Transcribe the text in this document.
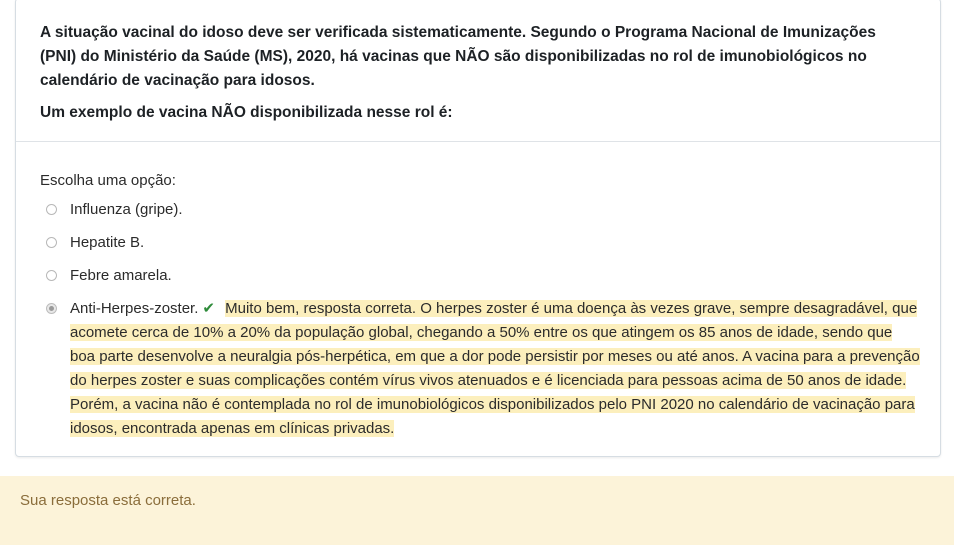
A situação vacinal do idoso deve ser verificada sistematicamente. Segundo o Programa Nacional de Imunizações (PNI) do Ministério da Saúde (MS), 2020, há vacinas que NÃO são disponibilizadas no rol de imunobiológicos no calendário de vacinação para idosos.

Um exemplo de vacina NÃO disponibilizada nesse rol é:

Escolha uma opção:
Influenza (gripe).
Hepatite B.
Febre amarela.
Anti-Herpes-zoster. ✔ Muito bem, resposta correta. O herpes zoster é uma doença às vezes grave, sempre desagradável, que acomete cerca de 10% a 20% da população global, chegando a 50% entre os que atingem os 85 anos de idade, sendo que boa parte desenvolve a neuralgia pós-herpética, em que a dor pode persistir por meses ou até anos. A vacina para a prevenção do herpes zoster e suas complicações contém vírus vivos atenuados e é licenciada para pessoas acima de 50 anos de idade. Porém, a vacina não é contemplada no rol de imunobiológicos disponibilizados pelo PNI 2020 no calendário de vacinação para idosos, encontrada apenas em clínicas privadas.
Sua resposta está correta.
